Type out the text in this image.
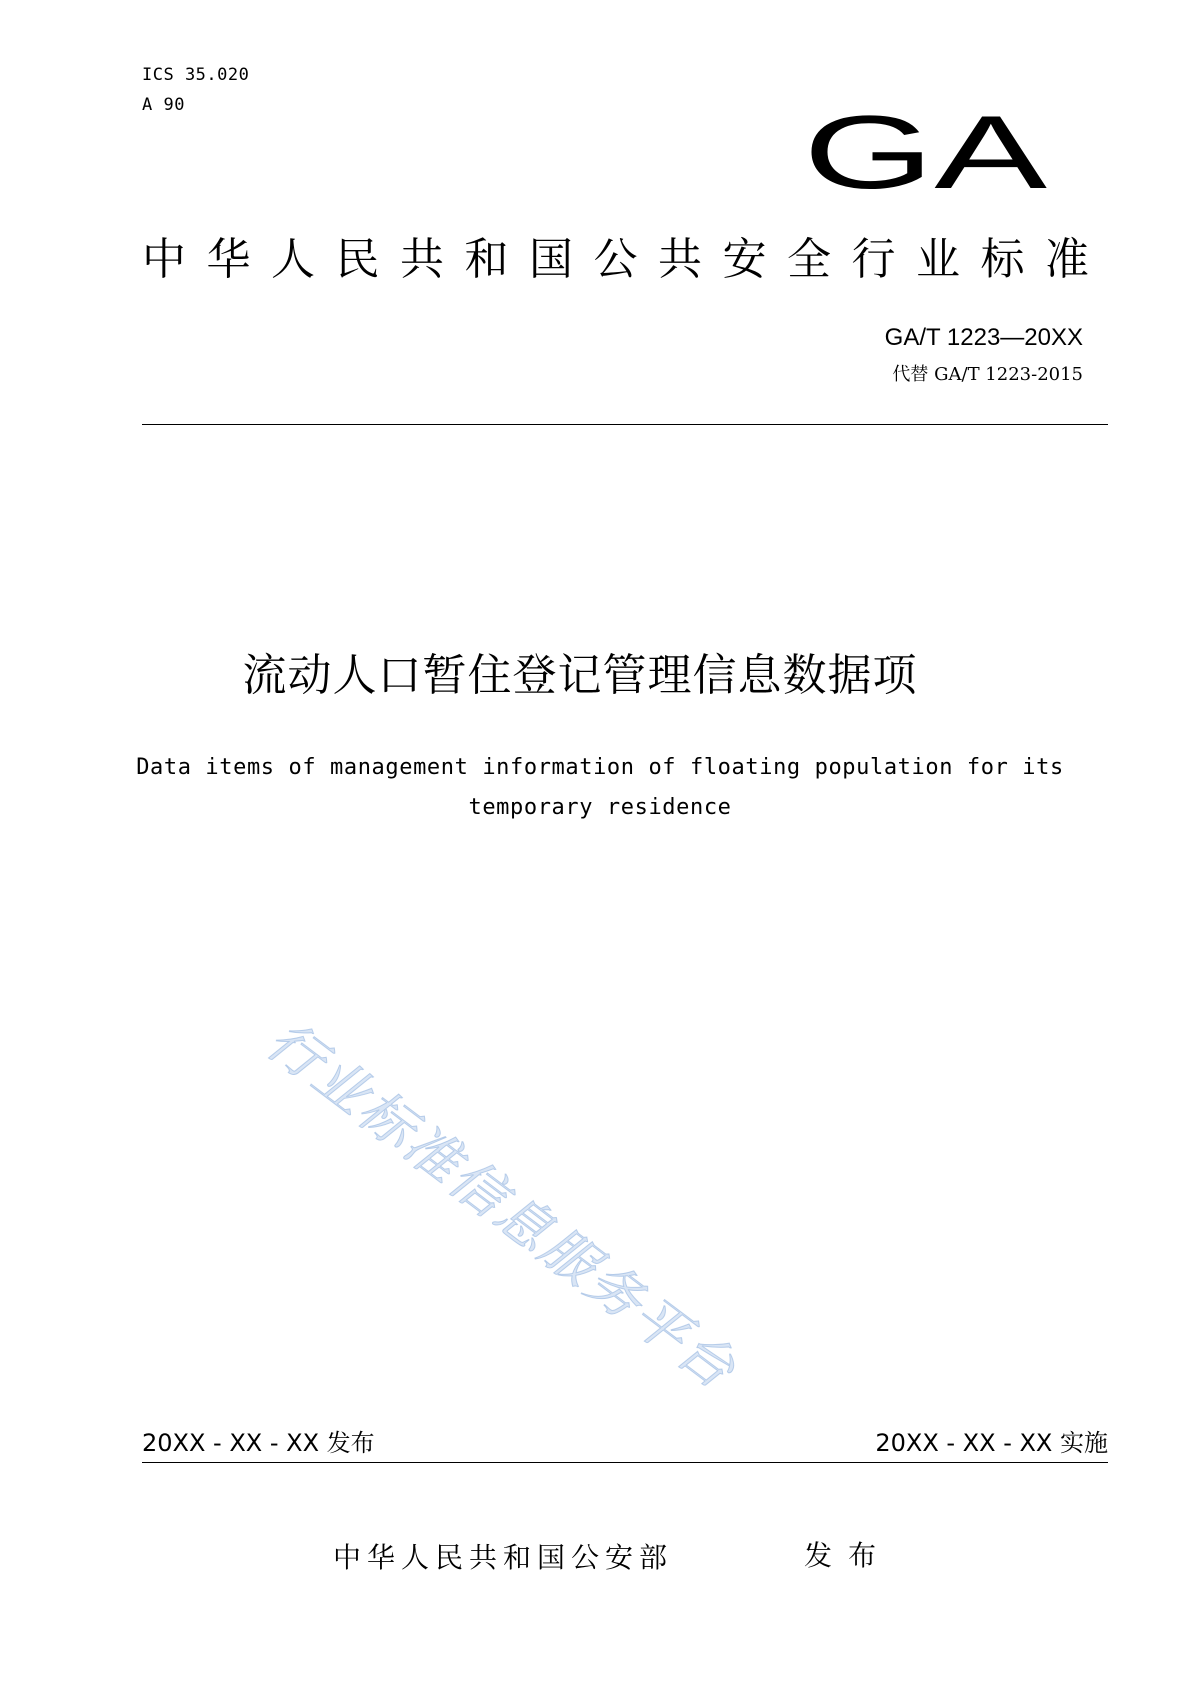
ICS 35.020
A 90	GA
中华人民共和国公共安全行业标准
GA/T 1223—20XX
代替 GA/T 1223-2015
流动人口暂住登记管理信息数据项
Data items of management information of floating population for its
temporary residence
行业标准信息服务平台
20XX - XX - XX 发布	20XX - XX - XX 实施
中华人民共和国公安部	发布
